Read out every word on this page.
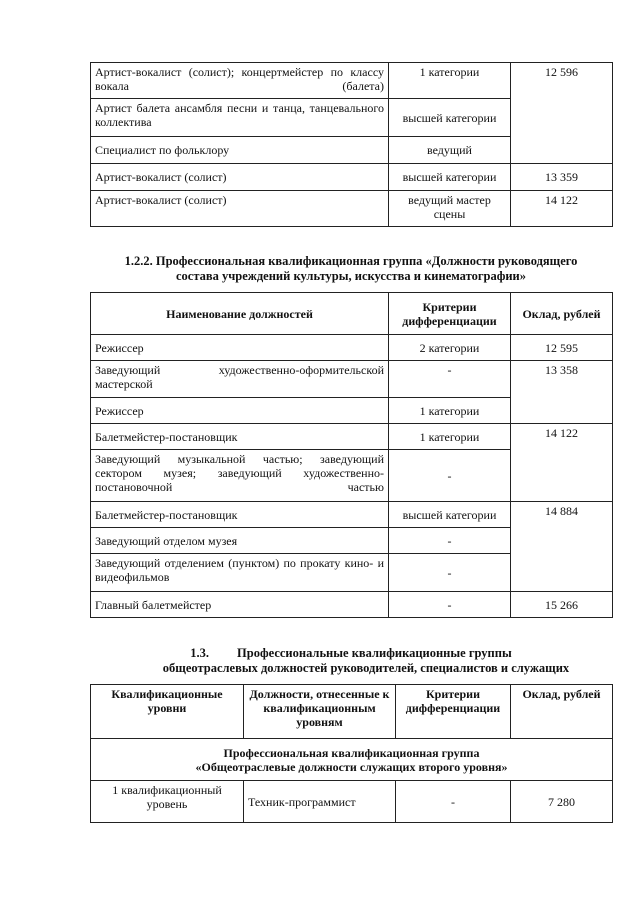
Артист-вокалист (солист); концертмейстер по классу вокала (балета)	1 категории	12 596
Артист балета ансамбля песни и танца, танцевального коллектива	высшей категории	
Специалист по фольклору	ведущий	
Артист-вокалист (солист)	высшей категории	13 359
Артист-вокалист (солист)	ведущий мастер сцены	14 122
1.2.2. Профессиональная квалификационная группа «Должности руководящего состава учреждений культуры, искусства и кинематографии»
Наименование должностей	Критерии дифференциации	Оклад, рублей
Режиссер	2 категории	12 595
Заведующий художественно-оформительской мастерской	-	13 358
Режиссер	1 категории	
Балетмейстер-постановщик	1 категории	14 122
Заведующий музыкальной частью; заведующий сектором музея; заведующий художественно-постановочной частью	-	
Балетмейстер-постановщик	высшей категории	14 884
Заведующий отделом музея	-	
Заведующий отделением (пунктом) по прокату кино- и видеофильмов	-	
Главный балетмейстер	-	15 266
1.3. Профессиональные квалификационные группы
общеотраслевых должностей руководителей, специалистов и служащих
Квалификационные уровни	Должности, отнесенные к квалификационным уровням	Критерии дифференциации	Оклад, рублей

Профессиональная квалификационная группа
«Общеотраслевые должности служащих второго уровня»			

1 квалификационный уровень	Техник-программист	-	7 280
